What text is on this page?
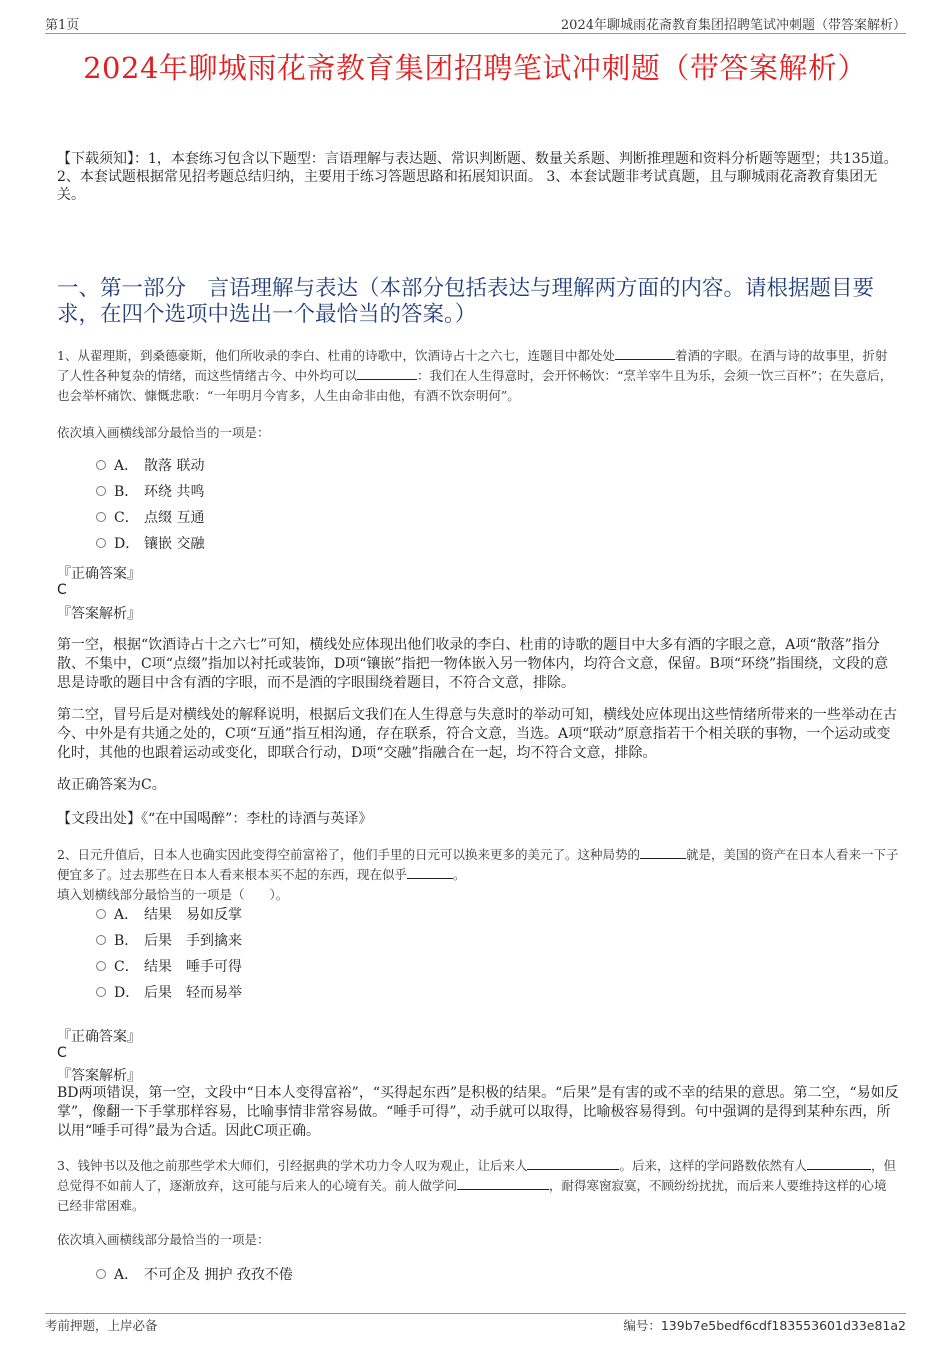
第1页	2024年聊城雨花斋教育集团招聘笔试冲刺题（带答案解析）
2024年聊城雨花斋教育集团招聘笔试冲刺题（带答案解析）
【下载须知】：1，本套练习包含以下题型：言语理解与表达题、常识判断题、数量关系题、判断推理题和资料分析题等题型；共135道。 2、本套试题根据常见招考题总结归纳，主要用于练习答题思路和拓展知识面。 3、本套试题非考试真题，且与聊城雨花斋教育集团无关。
一、第一部分　言语理解与表达（本部分包括表达与理解两方面的内容。请根据题目要求，在四个选项中选出一个最恰当的答案。）
1、从翟理斯，到桑德豪斯，他们所收录的李白、杜甫的诗歌中，饮酒诗占十之六七，连题目中都处处	着酒的字眼。在酒与诗的故事里，折射了人性各种复杂的情绪，而这些情绪古今、中外均可以	：我们在人生得意时，会开怀畅饮：“烹羊宰牛且为乐，会须一饮三百杯”；在失意后，也会举杯痛饮、慷慨悲歌：“一年明月今宵多，人生由命非由他，有酒不饮奈明何”。
依次填入画横线部分最恰当的一项是：
A． 散落 联动
B． 环绕 共鸣
C． 点缀 互通
D． 镶嵌 交融
『正确答案』
C
『答案解析』
第一空，根据“饮酒诗占十之六七”可知，横线处应体现出他们收录的李白、杜甫的诗歌的题目中大多有酒的字眼之意，A项“散落”指分散、不集中，C项“点缀”指加以衬托或装饰，D项“镶嵌”指把一物体嵌入另一物体内，均符合文意，保留。B项“环绕”指围绕，文段的意思是诗歌的题目中含有酒的字眼，而不是酒的字眼围绕着题目，不符合文意，排除。
第二空，冒号后是对横线处的解释说明，根据后文我们在人生得意与失意时的举动可知，横线处应体现出这些情绪所带来的一些举动在古今、中外是有共通之处的，C项“互通”指互相沟通，存在联系，符合文意，当选。A项“联动”原意指若干个相关联的事物，一个运动或变化时，其他的也跟着运动或变化，即联合行动，D项“交融”指融合在一起，均不符合文意，排除。
故正确答案为C。
【文段出处】《“在中国喝醉”：李杜的诗酒与英译》
2、日元升值后，日本人也确实因此变得空前富裕了，他们手里的日元可以换来更多的美元了。这种局势的	就是，美国的资产在日本人看来一下子便宜多了。过去那些在日本人看来根本买不起的东西，现在似乎	。
填入划横线部分最恰当的一项是（　　）。
A． 结果　易如反掌
B． 后果　手到擒来
C． 结果　唾手可得
D． 后果　轻而易举
『正确答案』
C
『答案解析』
BD两项错误，第一空，文段中“日本人变得富裕”，“买得起东西”是积极的结果。“后果”是有害的或不幸的结果的意思。第二空，“易如反掌”，像翻一下手掌那样容易，比喻事情非常容易做。“唾手可得”，动手就可以取得，比喻极容易得到。句中强调的是得到某种东西，所以用“唾手可得”最为合适。因此C项正确。
3、钱钟书以及他之前那些学术大师们，引经据典的学术功力令人叹为观止，让后来人	。后来，这样的学问路数依然有人	，但总觉得不如前人了，逐渐放弃，这可能与后来人的心境有关。前人做学问	，耐得寒窗寂寞，不顾纷纷扰扰，而后来人要维持这样的心境已经非常困难。
依次填入画横线部分最恰当的一项是：
A． 不可企及 拥护 孜孜不倦
考前押题，上岸必备	编号：139b7e5bedf6cdf183553601d33e81a2
